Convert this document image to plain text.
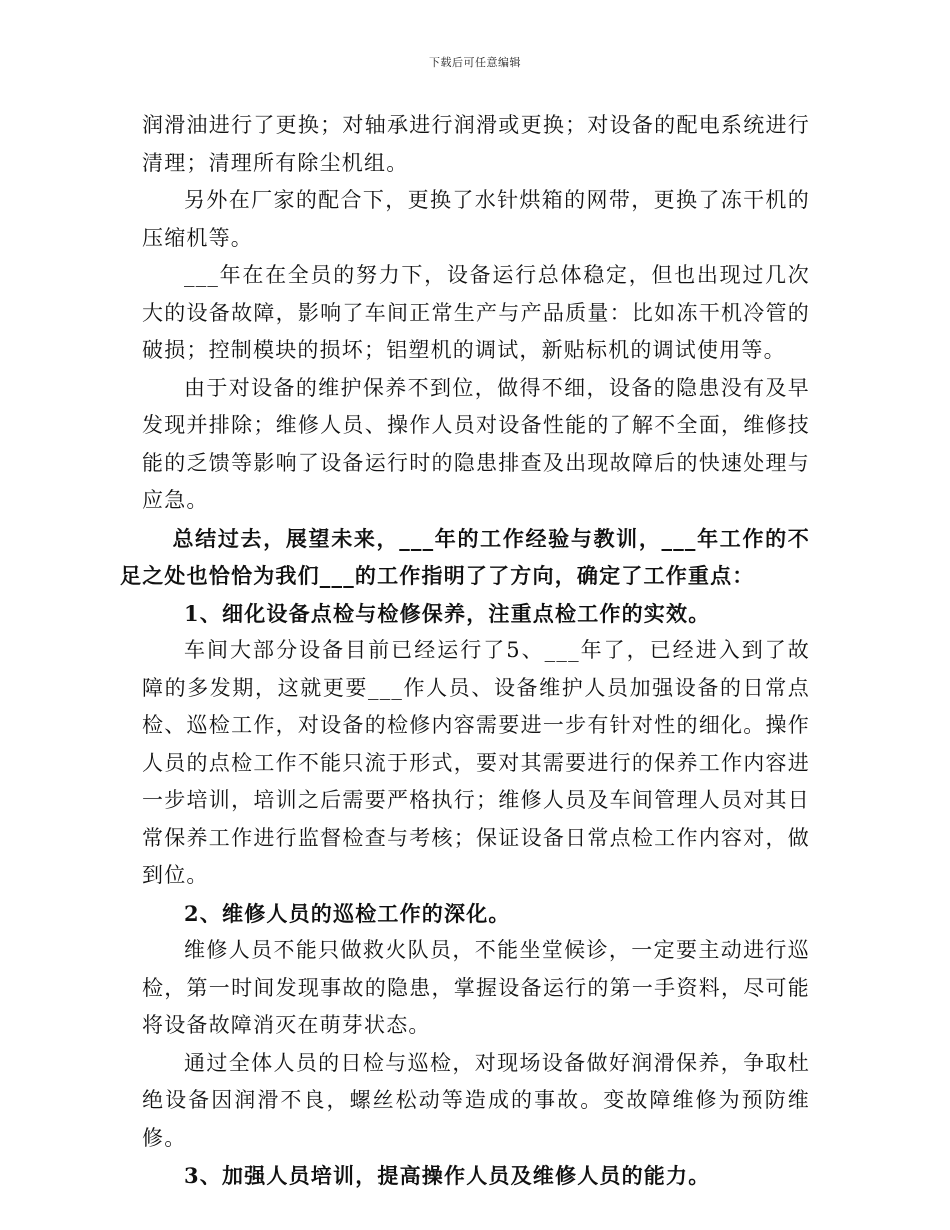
下载后可任意编辑

润滑油进行了更换；对轴承进行润滑或更换；对设备的配电系统进行清理；清理所有除尘机组。

另外在厂家的配合下，更换了水针烘箱的网带，更换了冻干机的压缩机等。

___年在在全员的努力下，设备运行总体稳定，但也出现过几次大的设备故障，影响了车间正常生产与产品质量：比如冻干机冷管的破损；控制模块的损坏；铝塑机的调试，新贴标机的调试使用等。

由于对设备的维护保养不到位，做得不细，设备的隐患没有及早发现并排除；维修人员、操作人员对设备性能的了解不全面，维修技能的乏馈等影响了设备运行时的隐患排查及出现故障后的快速处理与应急。

总结过去，展望未来，___年的工作经验与教训，___年工作的不足之处也恰恰为我们___的工作指明了了方向，确定了工作重点：

1、细化设备点检与检修保养，注重点检工作的实效。

车间大部分设备目前已经运行了5、___年了，已经进入到了故障的多发期，这就更要___作人员、设备维护人员加强设备的日常点检、巡检工作，对设备的检修内容需要进一步有针对性的细化。操作人员的点检工作不能只流于形式，要对其需要进行的保养工作内容进一步培训，培训之后需要严格执行；维修人员及车间管理人员对其日常保养工作进行监督检查与考核；保证设备日常点检工作内容对，做到位。

2、维修人员的巡检工作的深化。

维修人员不能只做救火队员，不能坐堂候诊，一定要主动进行巡检，第一时间发现事故的隐患，掌握设备运行的第一手资料，尽可能将设备故障消灭在萌芽状态。

通过全体人员的日检与巡检，对现场设备做好润滑保养，争取杜绝设备因润滑不良，螺丝松动等造成的事故。变故障维修为预防维修。

3、加强人员培训，提高操作人员及维修人员的能力。
